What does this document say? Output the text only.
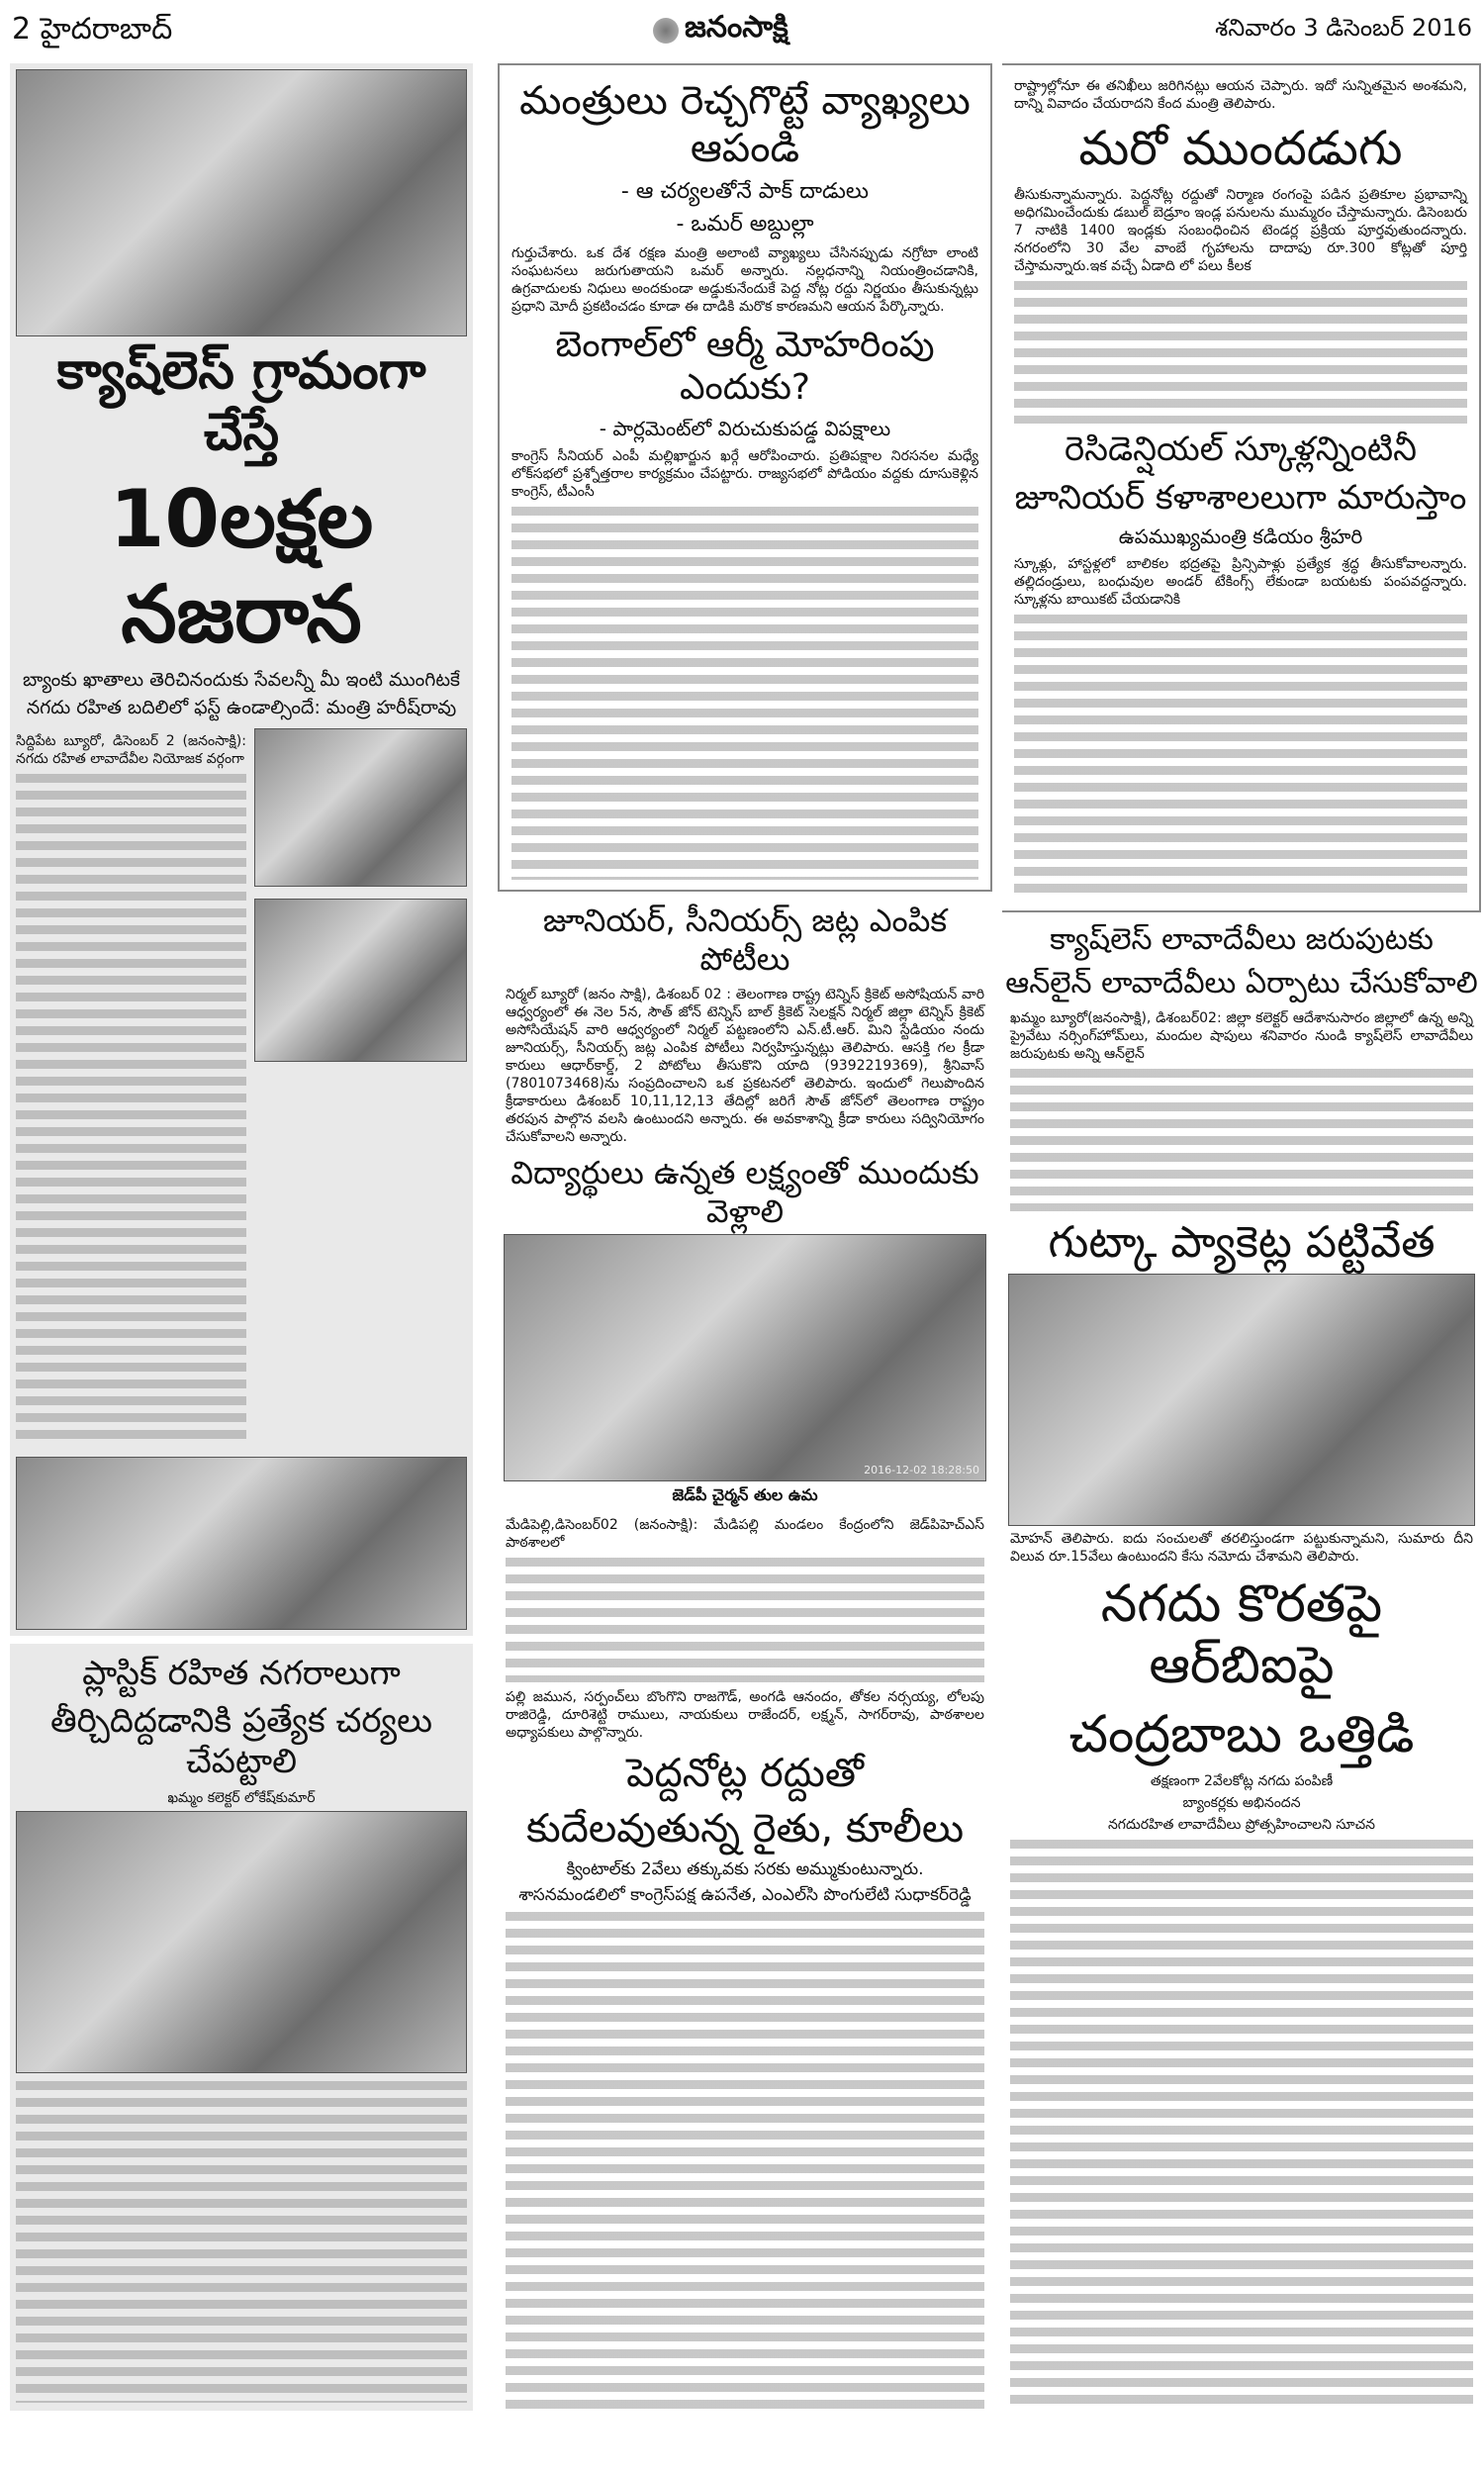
2 హైదరాబాద్	జనంసాక్షి	శనివారం 3 డిసెంబర్ 2016
క్యాష్‌లెస్ గ్రామంగా చేస్తే
10లక్షల నజరాన
బ్యాంకు ఖాతాలు తెరిచినందుకు సేవలన్నీ మీ ఇంటి ముంగిటకే
నగదు రహిత బదిలిలో ఫస్ట్ ఉండాల్సిందే: మంత్రి హరీష్‌రావు
సిద్దిపేట బ్యూరో, డిసెంబర్ 2 (జనంసాక్షి): నగదు రహిత లావాదేవీల నియోజక వర్గంగా
ప్లాస్టిక్ రహిత నగరాలుగా
తీర్చిదిద్దడానికి ప్రత్యేక చర్యలు చేపట్టాలి
ఖమ్మం కలెక్టర్ లోకేష్‌కుమార్
మంత్రులు రెచ్చగొట్టే వ్యాఖ్యలు ఆపండి
- ఆ చర్యలతోనే పాక్ దాడులు
- ఒమర్ అబ్దుల్లా
గుర్తుచేశారు. ఒక దేశ రక్షణ మంత్రి అలాంటి వ్యాఖ్యలు చేసినప్పుడు నగ్రోటా లాంటి సంఘటనలు జరుగుతాయని ఒమర్ అన్నారు. నల్లధనాన్ని నియంత్రించడానికి, ఉగ్రవాదులకు నిధులు అందకుండా అడ్డుకునేందుకే పెద్ద నోట్ల రద్దు నిర్ణయం తీసుకున్నట్లు ప్రధాని మోదీ ప్రకటించడం కూడా ఈ దాడికి మరొక కారణమని ఆయన పేర్కొన్నారు.
బెంగాల్‌లో ఆర్మీ మోహరింపు ఎందుకు?
- పార్లమెంట్‌లో విరుచుకుపడ్డ విపక్షాలు
కాంగ్రెస్ సీనియర్ ఎంపీ మల్లిఖార్జున ఖర్గే ఆరోపించారు. ప్రతిపక్షాల నిరసనల మధ్యే లోక్‌సభలో ప్రశ్నోత్తరాల కార్యక్రమం చేపట్టారు. రాజ్యసభలో పోడియం వద్దకు దూసుకెళ్లిన కాంగ్రెస్, టీఎంసీ
జూనియర్, సీనియర్స్ జట్ల ఎంపిక పోటీలు
నిర్మల్ బ్యూరో (జనం సాక్షి), డిశంబర్ 02 : తెలంగాణ రాష్ట్ర టెన్నిస్ క్రికెట్ అసోషియన్ వారి ఆధ్వర్యంలో ఈ నెల 5న, సౌత్ జోన్ టెన్నిస్ బాల్ క్రికెట్ సెలక్షన్ నిర్మల్ జిల్లా టెన్నిస్ క్రికెట్ అసోసియేషన్ వారి ఆధ్వర్యంలో నిర్మల్ పట్టణంలోని ఎన్.టీ.ఆర్. మిని స్టేడియం నందు జూనియర్స్, సీనియర్స్ జట్ల ఎంపిక పోటీలు నిర్వహిస్తున్నట్లు తెలిపారు. ఆసక్తి గల క్రీడా కారులు ఆధార్‌కార్డ్, 2 పోటోలు తీసుకొని యాది (9392219369), శ్రీనివాస్ (7801073468)ను సంప్రదించాలని ఒక ప్రకటనలో తెలిపారు. ఇందులో గెలుపొందిన క్రీడాకారులు డిశంబర్ 10,11,12,13 తేదిల్లో జరిగే సౌత్ జోన్‌లో తెలంగాణ రాష్ట్రం తరపున పాల్గొన వలసి ఉంటుందని అన్నారు. ఈ అవకాశాన్ని క్రీడా కారులు సద్వినియోగం చేసుకోవాలని అన్నారు.
విద్యార్థులు ఉన్నత లక్ష్యంతో ముందుకు వెళ్లాలి
2016-12-02 18:28:50
జెడ్‌పీ చైర్మన్ తుల ఉమ
మేడిపెల్లి,డిసెంబర్02 (జనంసాక్షి): మేడిపల్లి మండలం కేంద్రంలోని జెడ్‌పిహెచ్‌ఎస్ పాఠశాలలో
పల్లి జమున, సర్పంచ్‌లు బొంగొని రాజగౌడ్, అంగడి ఆనందం, తోకల నర్సయ్య, లోలపు రాజిరెడ్డి, దూరిశెట్టి రాములు, నాయకులు రాజేందర్, లక్ష్మన్, సాగర్‌రావు, పాఠశాలల అధ్యాపకులు పాల్గొన్నారు.
పెద్దనోట్ల రద్దుతో
కుదేలవుతున్న రైతు, కూలీలు
క్వింటాల్‌కు 2వేలు తక్కువకు సరకు అమ్ముకుంటున్నారు.
శాసనమండలిలో కాంగ్రెస్‌పక్ష ఉపనేత, ఎంఎల్‌సి పొంగులేటి సుధాకర్‌రెడ్డి
రాష్ట్రాల్లోనూ ఈ తనిఖీలు జరిగినట్లు ఆయన చెప్పారు. ఇదో సున్నితమైన అంశమని, దాన్ని వివాదం చేయరాదని కేంద మంత్రి తెలిపారు.
మరో ముందడుగు
తీసుకున్నామన్నారు. పెద్దనోట్ల రద్దుతో నిర్మాణ రంగంపై పడిన ప్రతికూల ప్రభావాన్ని అధిగమించేందుకు డబుల్ బెడ్రూం ఇండ్ల పనులను ముమ్మరం చేస్తామన్నారు. డిసెంబరు 7 నాటికి 1400 ఇండ్లకు సంబంధించిన టెండర్ల ప్రక్రియ పూర్తవుతుందన్నారు. నగరంలోని 30 వేల వాంబే గృహాలను దాదాపు రూ.300 కోట్లతో పూర్తి చేస్తామన్నారు.ఇక వచ్చే ఏడాది లో పలు కీలక
రెసిడెన్షియల్ స్కూళ్లన్నింటినీ
జూనియర్ కళాశాలలుగా మారుస్తాం
ఉపముఖ్యమంత్రి కడియం శ్రీహరి
స్కూళ్లు, హాస్టళ్లలో బాలికల భద్రతపై ప్రిన్సిపాళ్లు ప్రత్యేక శ్రద్ధ తీసుకోవాలన్నారు. తల్లిదండ్రులు, బంధువుల అండర్ టేకింగ్స్ లేకుండా బయటకు పంపవద్దన్నారు. స్కూళ్లను బాయికట్ చేయడానికి
క్యాష్‌లెస్ లావాదేవీలు జరుపుటకు
ఆన్‌లైన్ లావాదేవీలు ఏర్పాటు చేసుకోవాలి
ఖమ్మం బ్యూరో(జనంసాక్షి), డిశంబర్02: జిల్లా కలెక్టర్ ఆదేశానుసారం జిల్లాలో ఉన్న అన్ని ప్రైవేటు నర్సింగ్‌హోమ్‌లు, మందుల షాపులు శనివారం నుండి క్యాష్‌లెస్ లావాదేవీలు జరుపుటకు అన్ని ఆన్‌లైన్
గుట్కా ప్యాకెట్ల పట్టివేత
మోహన్ తెలిపారు. ఐదు సంచులతో తరలిస్తుండగా పట్టుకున్నామని, సుమారు దీని విలువ రూ.15వేలు ఉంటుందని కేసు నమోదు చేశామని తెలిపారు.
నగదు కొరతపై ఆర్‌బిఐపై
చంద్రబాబు ఒత్తిడి
తక్షణంగా 2వేలకోట్ల నగదు పంపిణీ
బ్యాంకర్లకు అభినందన
నగదురహిత లావాదేవీలు ప్రోత్సహించాలని సూచన
